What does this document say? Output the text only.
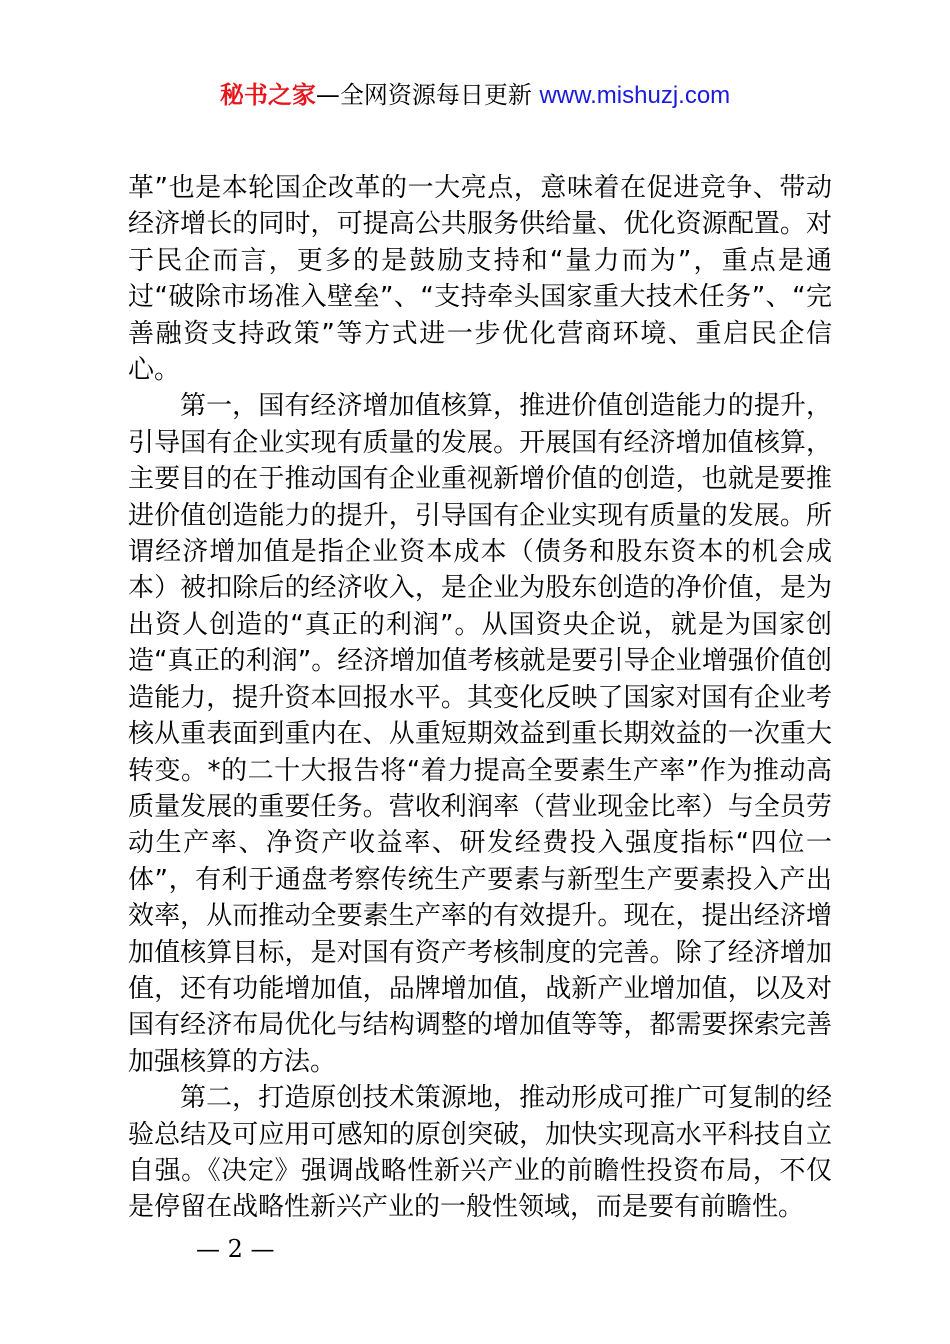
秘书之家—全网资源每日更新 www.mishuzj.com

革”也是本轮国企改革的一大亮点，意味着在促进竞争、带动经济增长的同时，可提高公共服务供给量、优化资源配置。对于民企而言，更多的是鼓励支持和“量力而为”，重点是通过“破除市场准入壁垒”、“支持牵头国家重大技术任务”、“完善融资支持政策”等方式进一步优化营商环境、重启民企信心。

第一，国有经济增加值核算，推进价值创造能力的提升，引导国有企业实现有质量的发展。开展国有经济增加值核算，主要目的在于推动国有企业重视新增价值的创造，也就是要推进价值创造能力的提升，引导国有企业实现有质量的发展。所谓经济增加值是指企业资本成本（债务和股东资本的机会成本）被扣除后的经济收入，是企业为股东创造的净价值，是为出资人创造的“真正的利润”。从国资央企说，就是为国家创造“真正的利润”。经济增加值考核就是要引导企业增强价值创造能力，提升资本回报水平。其变化反映了国家对国有企业考核从重表面到重内在、从重短期效益到重长期效益的一次重大转变。*的二十大报告将“着力提高全要素生产率”作为推动高质量发展的重要任务。营收利润率（营业现金比率）与全员劳动生产率、净资产收益率、研发经费投入强度指标“四位一体”，有利于通盘考察传统生产要素与新型生产要素投入产出效率，从而推动全要素生产率的有效提升。现在，提出经济增加值核算目标，是对国有资产考核制度的完善。除了经济增加值，还有功能增加值，品牌增加值，战新产业增加值，以及对国有经济布局优化与结构调整的增加值等等，都需要探索完善加强核算的方法。

第二，打造原创技术策源地，推动形成可推广可复制的经验总结及可应用可感知的原创突破，加快实现高水平科技自立自强。《决定》强调战略性新兴产业的前瞻性投资布局，不仅是停留在战略性新兴产业的一般性领域，而是要有前瞻性。

— 2 —
